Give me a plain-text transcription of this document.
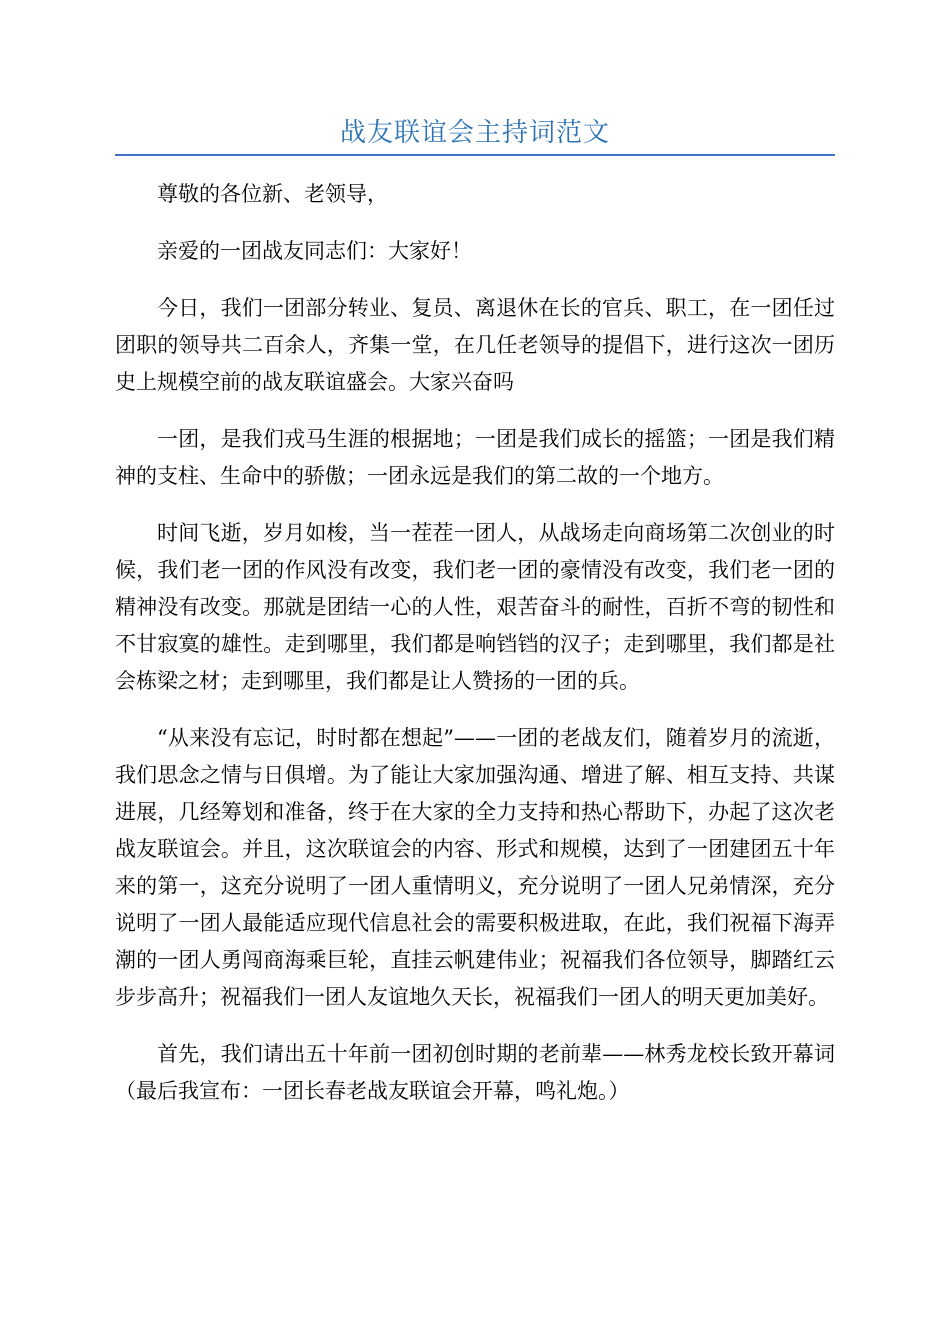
战友联谊会主持词范文

尊敬的各位新、老领导，

亲爱的一团战友同志们：大家好！

今日，我们一团部分转业、复员、离退休在长的官兵、职工，在一团任过团职的领导共二百余人，齐集一堂，在几任老领导的提倡下，进行这次一团历史上规模空前的战友联谊盛会。大家兴奋吗

一团，是我们戎马生涯的根据地；一团是我们成长的摇篮；一团是我们精神的支柱、生命中的骄傲；一团永远是我们的第二故的一个地方。

时间飞逝，岁月如梭，当一茬茬一团人，从战场走向商场第二次创业的时候，我们老一团的作风没有改变，我们老一团的豪情没有改变，我们老一团的精神没有改变。那就是团结一心的人性，艰苦奋斗的耐性，百折不弯的韧性和不甘寂寞的雄性。走到哪里，我们都是响铛铛的汉子；走到哪里，我们都是社会栋梁之材；走到哪里，我们都是让人赞扬的一团的兵。

“从来没有忘记，时时都在想起”——一团的老战友们，随着岁月的流逝，我们思念之情与日俱增。为了能让大家加强沟通、增进了解、相互支持、共谋进展，几经筹划和准备，终于在大家的全力支持和热心帮助下，办起了这次老战友联谊会。并且，这次联谊会的内容、形式和规模，达到了一团建团五十年来的第一，这充分说明了一团人重情明义，充分说明了一团人兄弟情深，充分说明了一团人最能适应现代信息社会的需要积极进取，在此，我们祝福下海弄潮的一团人勇闯商海乘巨轮，直挂云帆建伟业；祝福我们各位领导，脚踏红云步步高升；祝福我们一团人友谊地久天长，祝福我们一团人的明天更加美好。

首先，我们请出五十年前一团初创时期的老前辈——林秀龙校长致开幕词（最后我宣布：一团长春老战友联谊会开幕，鸣礼炮。）
